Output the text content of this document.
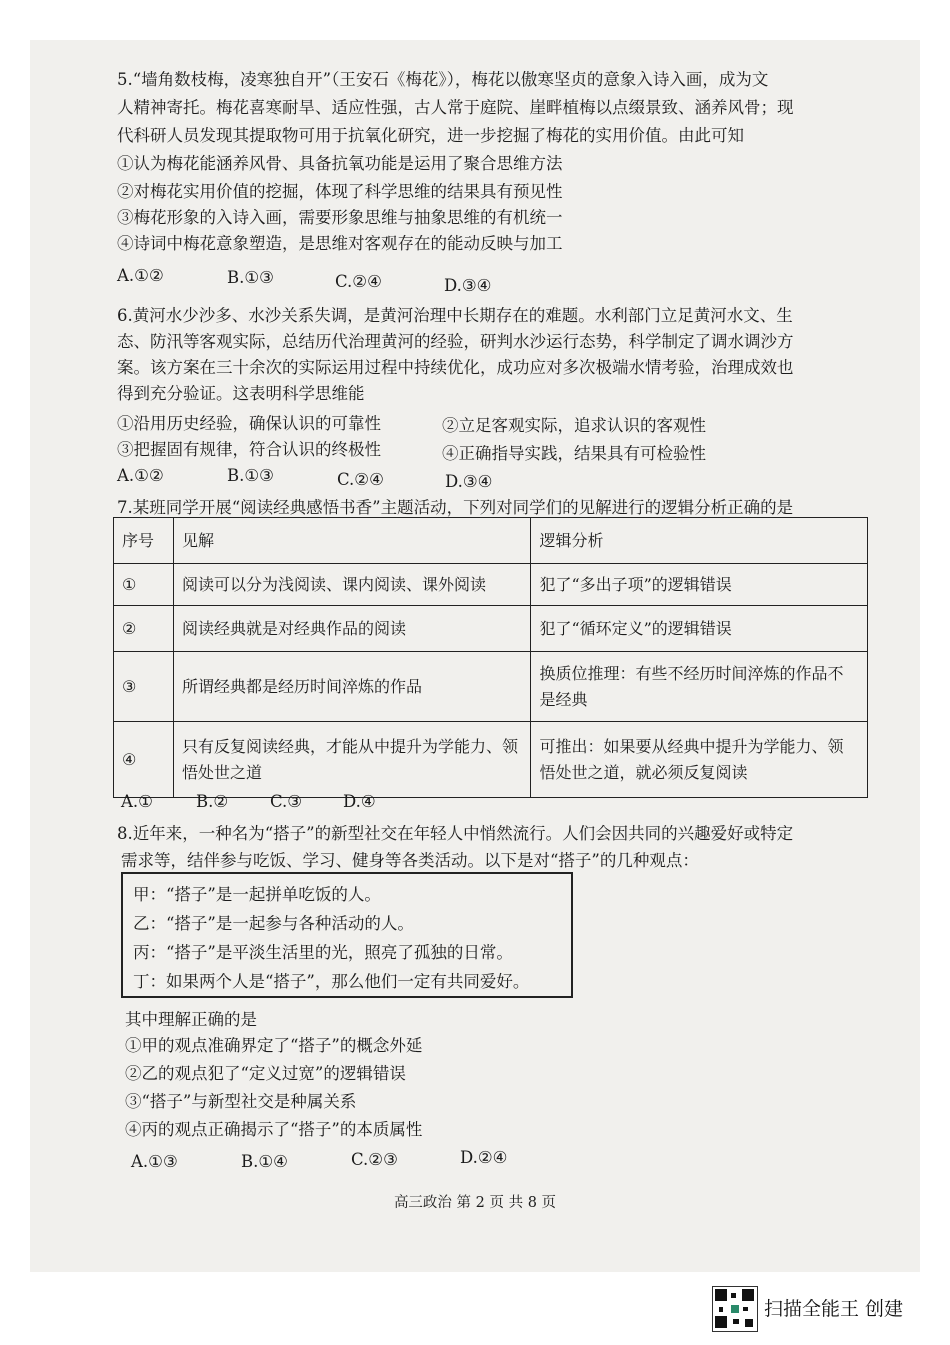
5.“墙角数枝梅，凌寒独自开”（王安石《梅花》），梅花以傲寒坚贞的意象入诗入画，成为文
人精神寄托。梅花喜寒耐旱、适应性强，古人常于庭院、崖畔植梅以点缀景致、涵养风骨；现
代科研人员发现其提取物可用于抗氧化研究，进一步挖掘了梅花的实用价值。由此可知
①认为梅花能涵养风骨、具备抗氧功能是运用了聚合思维方法
②对梅花实用价值的挖掘，体现了科学思维的结果具有预见性
③梅花形象的入诗入画，需要形象思维与抽象思维的有机统一
④诗词中梅花意象塑造，是思维对客观存在的能动反映与加工
A.①②	B.①③	C.②④	D.③④
6.黄河水少沙多、水沙关系失调，是黄河治理中长期存在的难题。水利部门立足黄河水文、生
态、防汛等客观实际，总结历代治理黄河的经验，研判水沙运行态势，科学制定了调水调沙方
案。该方案在三十余次的实际运用过程中持续优化，成功应对多次极端水情考验，治理成效也
得到充分验证。这表明科学思维能
①沿用历史经验，确保认识的可靠性	②立足客观实际，追求认识的客观性
③把握固有规律，符合认识的终极性	④正确指导实践，结果具有可检验性
A.①②	B.①③	C.②④	D.③④
7.某班同学开展“阅读经典感悟书香”主题活动，下列对同学们的见解进行的逻辑分析正确的是
序号	见解	逻辑分析
①	阅读可以分为浅阅读、课内阅读、课外阅读	犯了“多出子项”的逻辑错误
②	阅读经典就是对经典作品的阅读	犯了“循环定义”的逻辑错误
③	所谓经典都是经历时间淬炼的作品	换质位推理：有些不经历时间淬炼的作品不是经典
④	只有反复阅读经典，才能从中提升为学能力、领悟处世之道	可推出：如果要从经典中提升为学能力、领悟处世之道，就必须反复阅读
A.①	B.②	C.③ D.④
8.近年来，一种名为“搭子”的新型社交在年轻人中悄然流行。人们会因共同的兴趣爱好或特定
需求等，结伴参与吃饭、学习、健身等各类活动。以下是对“搭子”的几种观点：
甲：“搭子”是一起拼单吃饭的人。
乙：“搭子”是一起参与各种活动的人。
丙：“搭子”是平淡生活里的光，照亮了孤独的日常。
丁：如果两个人是“搭子”，那么他们一定有共同爱好。
其中理解正确的是
①甲的观点准确界定了“搭子”的概念外延
②乙的观点犯了“定义过宽”的逻辑错误
③“搭子”与新型社交是种属关系
④丙的观点正确揭示了“搭子”的本质属性
A.①③	B.①④	C.②③	D.②④
高三政治 第 2 页 共 8 页
扫描全能王 创建
